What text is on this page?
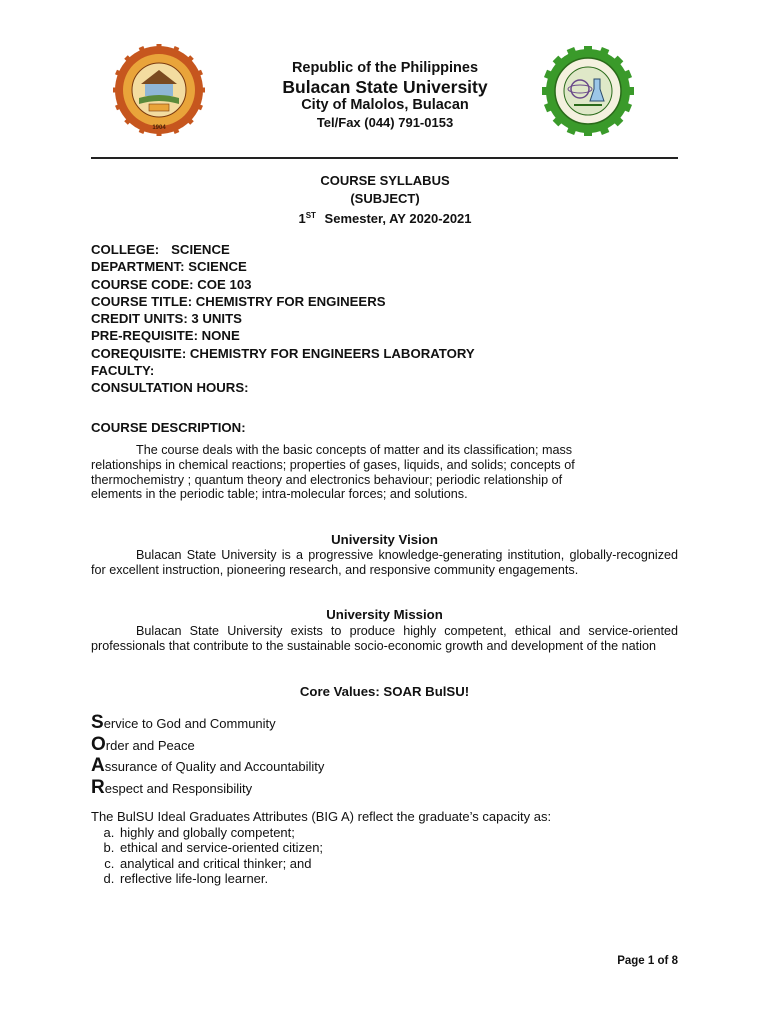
1904
Republic of the Philippines
Bulacan State University
City of Malolos, Bulacan
Tel/Fax (044) 791-0153
COURSE SYLLABUS
(SUBJECT)
1ST Semester, AY 2020-2021
COLLEGE: SCIENCE
DEPARTMENT: SCIENCE
COURSE CODE: COE 103
COURSE TITLE: CHEMISTRY FOR ENGINEERS
CREDIT UNITS: 3 UNITS
PRE-REQUISITE: NONE
COREQUISITE: CHEMISTRY FOR ENGINEERS LABORATORY
FACULTY:
CONSULTATION HOURS:
COURSE DESCRIPTION:
The course deals with the basic concepts of matter and its classification; mass
relationships in chemical reactions; properties of gases, liquids, and solids; concepts of
thermochemistry ; quantum theory and electronics behaviour; periodic relationship of
elements in the periodic table; intra-molecular forces; and solutions.
University Vision
Bulacan State University is a progressive knowledge-generating institution, globally-recognized for excellent instruction, pioneering research, and responsive community engagements.
University Mission
Bulacan State University exists to produce highly competent, ethical and service-oriented professionals that contribute to the sustainable socio-economic growth and development of the nation
Core Values: SOAR BulSU!
Service to God and Community
Order and Peace
Assurance of Quality and Accountability
Respect and Responsibility
The BulSU Ideal Graduates Attributes (BIG A) reflect the graduate’s capacity as:
a. highly and globally competent;
b. ethical and service-oriented citizen;
c. analytical and critical thinker; and
d. reflective life-long learner.
Page 1 of 8
